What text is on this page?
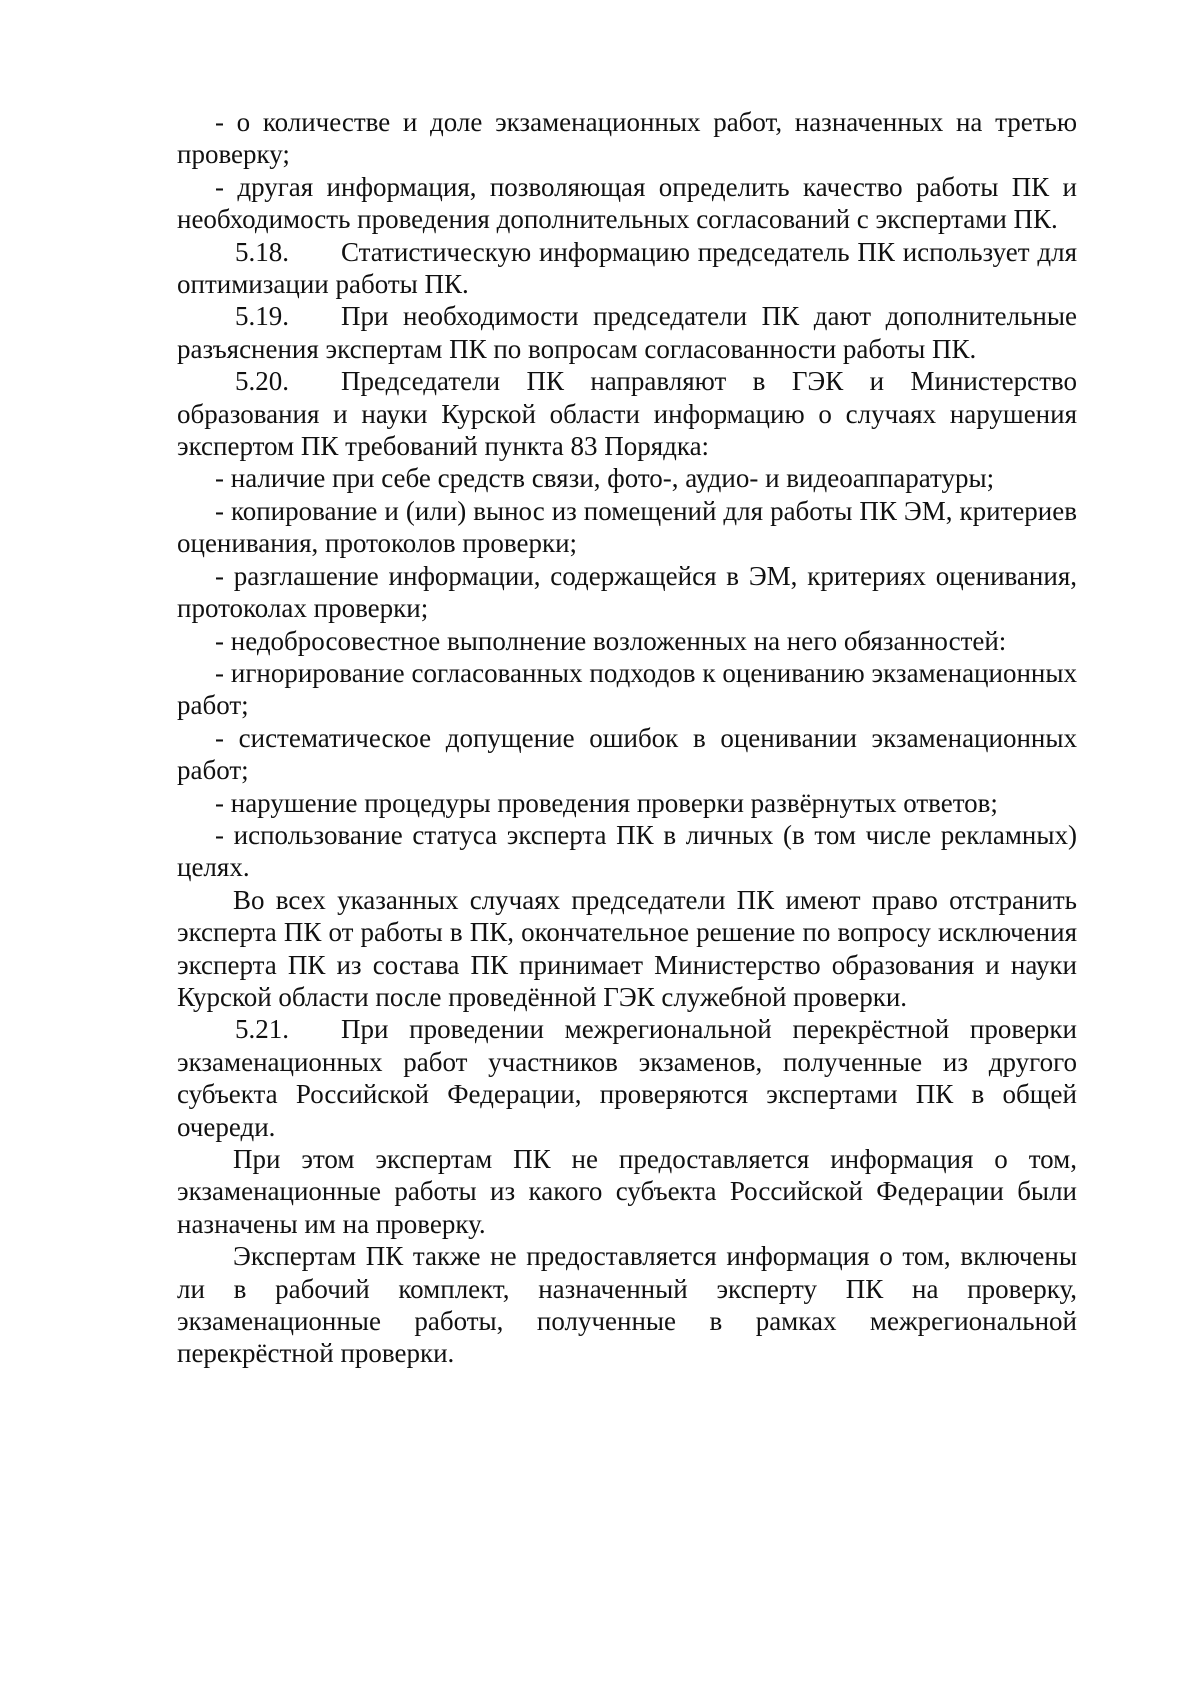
- о количестве и доле экзаменационных работ, назначенных на третью проверку;

- другая информация, позволяющая определить качество работы ПК и необходимость проведения дополнительных согласований с экспертами ПК.

5.18. Статистическую информацию председатель ПК использует для оптимизации работы ПК.

5.19. При необходимости председатели ПК дают дополнительные разъяснения экспертам ПК по вопросам согласованности работы ПК.

5.20. Председатели ПК направляют в ГЭК и Министерство образования и науки Курской области информацию о случаях нарушения экспертом ПК требований пункта 83 Порядка:

- наличие при себе средств связи, фото-, аудио- и видеоаппаратуры;

- копирование и (или) вынос из помещений для работы ПК ЭМ, критериев оценивания, протоколов проверки;

- разглашение информации, содержащейся в ЭМ, критериях оценивания, протоколах проверки;

- недобросовестное выполнение возложенных на него обязанностей:

- игнорирование согласованных подходов к оцениванию экзаменационных работ;

- систематическое допущение ошибок в оценивании экзаменационных работ;

- нарушение процедуры проведения проверки развёрнутых ответов;

- использование статуса эксперта ПК в личных (в том числе рекламных) целях.

Во всех указанных случаях председатели ПК имеют право отстранить эксперта ПК от работы в ПК, окончательное решение по вопросу исключения эксперта ПК из состава ПК принимает Министерство образования и науки Курской области после проведённой ГЭК служебной проверки.

5.21. При проведении межрегиональной перекрёстной проверки экзаменационных работ участников экзаменов, полученные из другого субъекта Российской Федерации, проверяются экспертами ПК в общей очереди.

При этом экспертам ПК не предоставляется информация о том, экзаменационные работы из какого субъекта Российской Федерации были назначены им на проверку.

Экспертам ПК также не предоставляется информация о том, включены ли в рабочий комплект, назначенный эксперту ПК на проверку, экзаменационные работы, полученные в рамках межрегиональной перекрёстной проверки.
